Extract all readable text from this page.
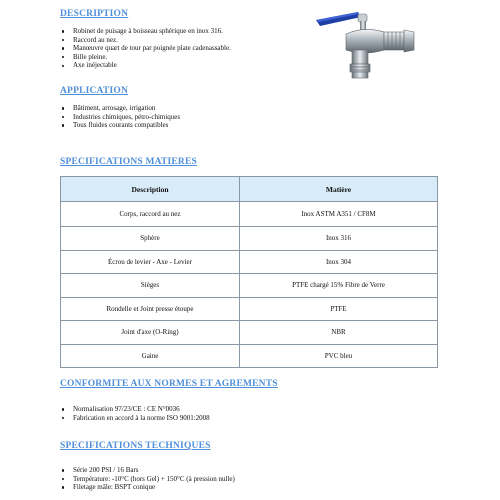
DESCRIPTION
Robinet de puisage à boisseau sphérique en inox 316.
Raccord au nez.
Manœuvre quart de tour par poignée plate cadenassable.
Bille pleine.
Axe inéjectable
APPLICATION
Bâtiment, arrosage, irrigation
Industries chimiques, pétro-chimiques
Tous fluides courants compatibles
SPECIFICATIONS MATIERES
Description	Matière
Corps, raccord au nez	Inox ASTM A351 / CF8M
Sphère	Inox 316
Écrou de levier - Axe - Levier	Inox 304
Sièges	PTFE chargé 15% Fibre de Verre
Rondelle et Joint presse étoupe	PTFE
Joint d'axe (O-Ring)	NBR
Gaine	PVC bleu
CONFORMITE AUX NORMES ET AGREMENTS
Normalisation 97/23/CE : CE N°0036
Fabrication en accord à la norme ISO 9001:2008
SPECIFICATIONS TECHNIQUES
Série 200 PSI / 16 Bars
Température: -10°C (hors Gel) + 150°C (à pression nulle)
Filetage mâle: BSPT conique
